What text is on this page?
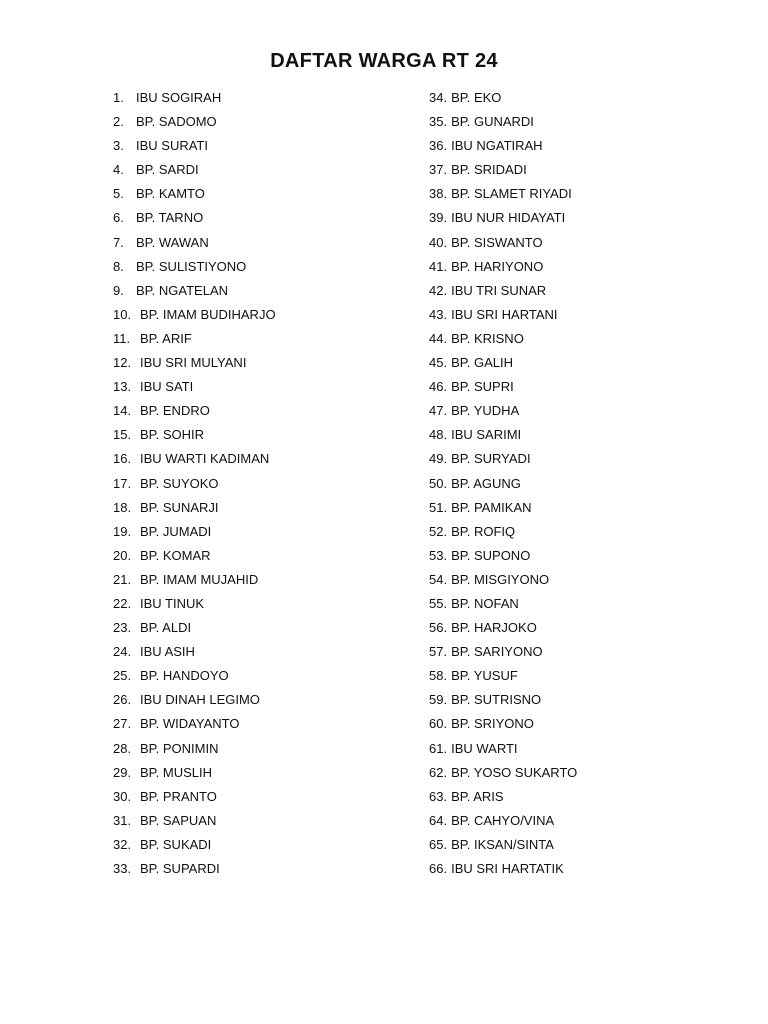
DAFTAR WARGA RT 24
1. IBU SOGIRAH
2. BP. SADOMO
3. IBU SURATI
4. BP. SARDI
5. BP. KAMTO
6. BP. TARNO
7. BP. WAWAN
8. BP. SULISTIYONO
9. BP. NGATELAN
10. BP. IMAM BUDIHARJO
11. BP. ARIF
12. IBU SRI MULYANI
13. IBU SATI
14. BP. ENDRO
15. BP. SOHIR
16. IBU WARTI KADIMAN
17. BP. SUYOKO
18. BP. SUNARJI
19. BP. JUMADI
20. BP. KOMAR
21. BP. IMAM MUJAHID
22. IBU TINUK
23. BP. ALDI
24. IBU ASIH
25. BP. HANDOYO
26. IBU DINAH LEGIMO
27. BP. WIDAYANTO
28. BP. PONIMIN
29. BP. MUSLIH
30. BP. PRANTO
31. BP. SAPUAN
32. BP. SUKADI
33. BP. SUPARDI
34. BP. EKO
35. BP. GUNARDI
36. IBU NGATIRAH
37. BP. SRIDADI
38. BP. SLAMET RIYADI
39. IBU NUR HIDAYATI
40. BP. SISWANTO
41. BP. HARIYONO
42. IBU TRI SUNAR
43. IBU SRI HARTANI
44. BP. KRISNO
45. BP. GALIH
46. BP. SUPRI
47. BP. YUDHA
48. IBU SARIMI
49. BP. SURYADI
50. BP. AGUNG
51. BP. PAMIKAN
52. BP. ROFIQ
53. BP. SUPONO
54. BP. MISGIYONO
55. BP. NOFAN
56. BP. HARJOKO
57. BP. SARIYONO
58. BP. YUSUF
59. BP. SUTRISNO
60. BP. SRIYONO
61. IBU WARTI
62. BP. YOSO SUKARTO
63. BP. ARIS
64. BP. CAHYO/VINA
65. BP. IKSAN/SINTA
66. IBU SRI HARTATIK
